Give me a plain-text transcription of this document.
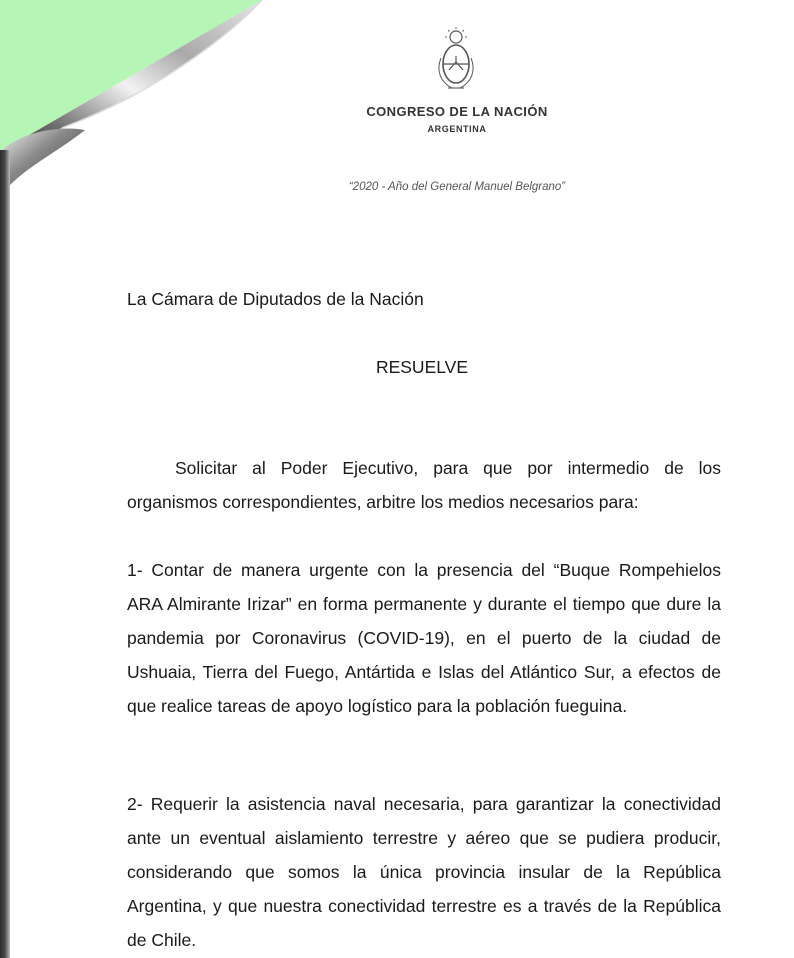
CONGRESO DE LA NACIÓN
ARGENTINA
“2020 - Año del General Manuel Belgrano”
La Cámara de Diputados de la Nación
RESUELVE
Solicitar al Poder Ejecutivo, para que por intermedio de los organismos correspondientes, arbitre los medios necesarios para:
1- Contar de manera urgente con la presencia del “Buque Rompehielos ARA Almirante Irizar” en forma permanente y durante el tiempo que dure la pandemia por Coronavirus (COVID-19), en el puerto de la ciudad de Ushuaia, Tierra del Fuego, Antártida e Islas del Atlántico Sur, a efectos de que realice tareas de apoyo logístico para la población fueguina.
2- Requerir la asistencia naval necesaria, para garantizar la conectividad ante un eventual aislamiento terrestre y aéreo que se pudiera producir, considerando que somos la única provincia insular de la República Argentina, y que nuestra conectividad terrestre es a través de la República de Chile.
